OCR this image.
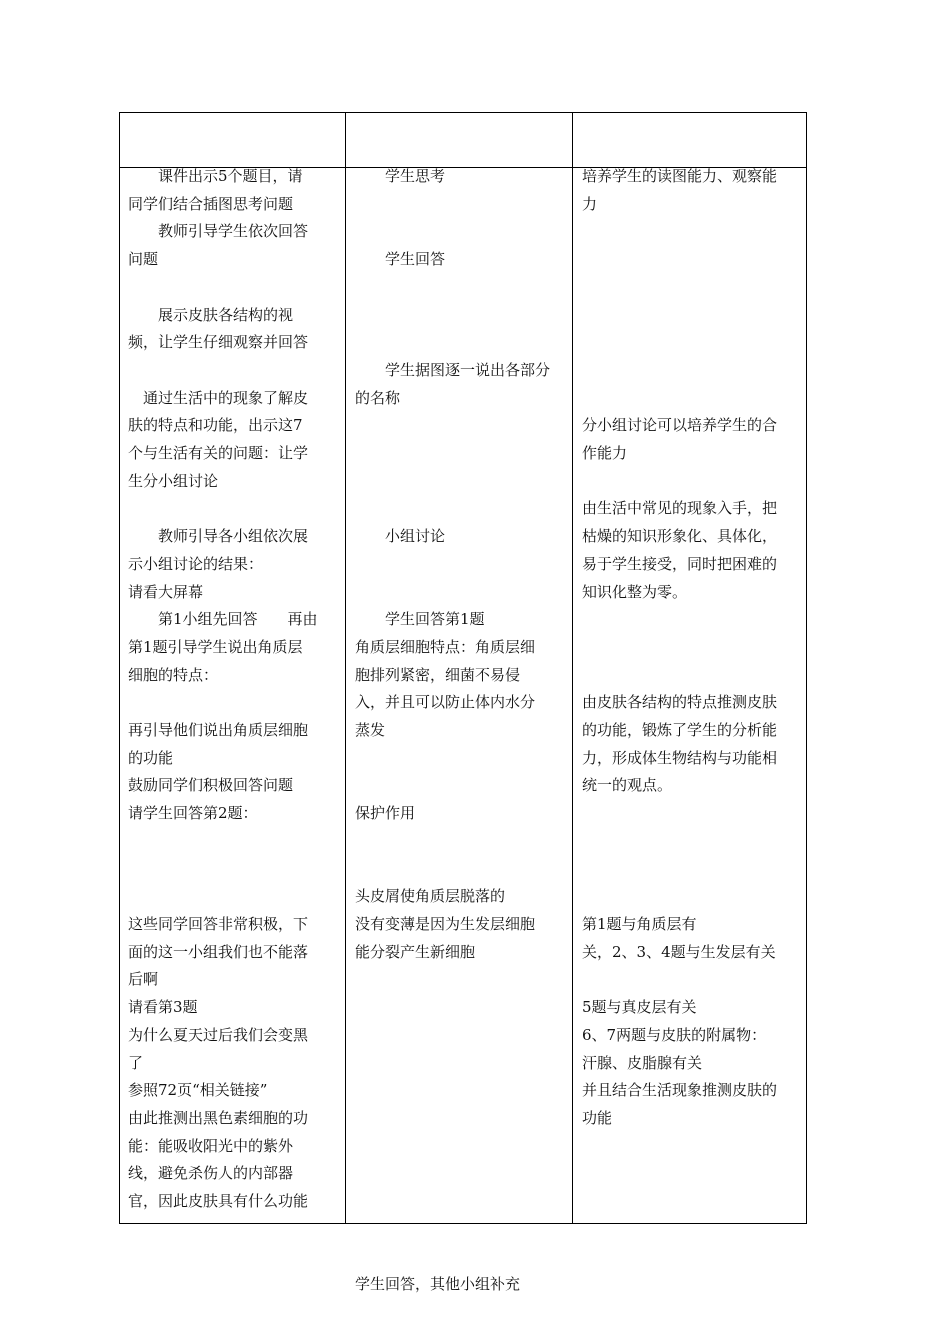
　　课件出示5个题目，请

同学们结合插图思考问题

　　教师引导学生依次回答

问题

　　展示皮肤各结构的视

频，让学生仔细观察并回答

　通过生活中的现象了解皮

肤的特点和功能，出示这7

个与生活有关的问题：让学

生分小组讨论

　　教师引导各小组依次展

示小组讨论的结果：

请看大屏幕

　　第1小组先回答　　再由

第1题引导学生说出角质层

细胞的特点：

再引导他们说出角质层细胞

的功能

鼓励同学们积极回答问题

请学生回答第2题：

这些同学回答非常积极，下

面的这一小组我们也不能落

后啊

请看第3题

为什么夏天过后我们会变黑

了

参照72页“相关链接”

由此推测出黑色素细胞的功

能：能吸收阳光中的紫外

线，避免杀伤人的内部器

官，因此皮肤具有什么功能

　　学生思考

　　学生回答

　　学生据图逐一说出各部分

的名称

　　小组讨论

　　学生回答第1题

角质层细胞特点：角质层细

胞排列紧密，细菌不易侵

入，并且可以防止体内水分

蒸发

保护作用

头皮屑使角质层脱落的

没有变薄是因为生发层细胞

能分裂产生新细胞

学生回答，其他小组补充

培养学生的读图能力、观察能

力

分小组讨论可以培养学生的合

作能力

由生活中常见的现象入手，把

枯燥的知识形象化、具体化，

易于学生接受，同时把困难的

知识化整为零。

由皮肤各结构的特点推测皮肤

的功能，锻炼了学生的分析能

力，形成体生物结构与功能相

统一的观点。

第1题与角质层有

关，2、3、4题与生发层有关

5题与真皮层有关

6、7两题与皮肤的附属物：

汗腺、皮脂腺有关

并且结合生活现象推测皮肤的

功能
